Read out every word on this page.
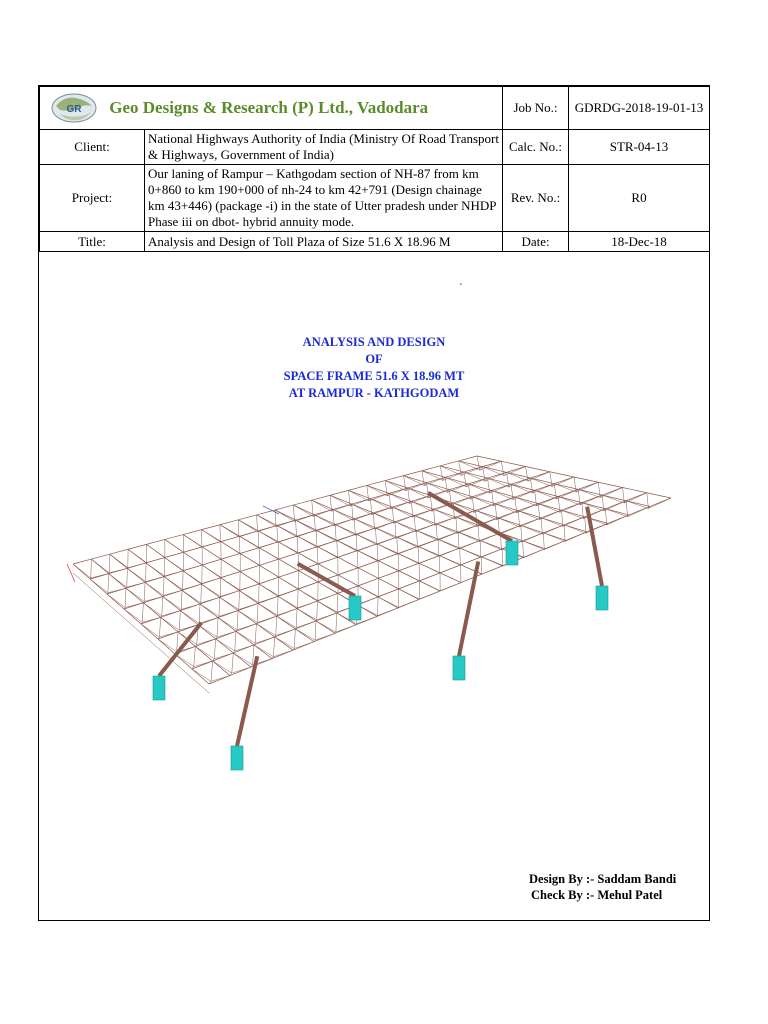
GR Geo Designs & Research (P) Ltd., Vadodara		Job No.:	GDRDG-2018-19-01-13
Client:	National Highways Authority of India (Ministry Of Road Transport & Highways, Government of India)	Calc. No.:	STR-04-13
Project:	Our laning of Rampur – Kathgodam section of NH-87 from km 0+860 to km 190+000 of nh-24 to km 42+791 (Design chainage km 43+446) (package -i) in the state of Utter pradesh under NHDP Phase iii on dbot- hybrid annuity mode.	Rev. No.:	R0
Title:	Analysis and Design of Toll Plaza of Size 51.6 X 18.96 M	Date:	18-Dec-18
`
ANALYSIS AND DESIGN
OF
SPACE FRAME 51.6 X 18.96 MT
AT RAMPUR - KATHGODAM
Design By :- Saddam Bandi
Check By :- Mehul Patel
